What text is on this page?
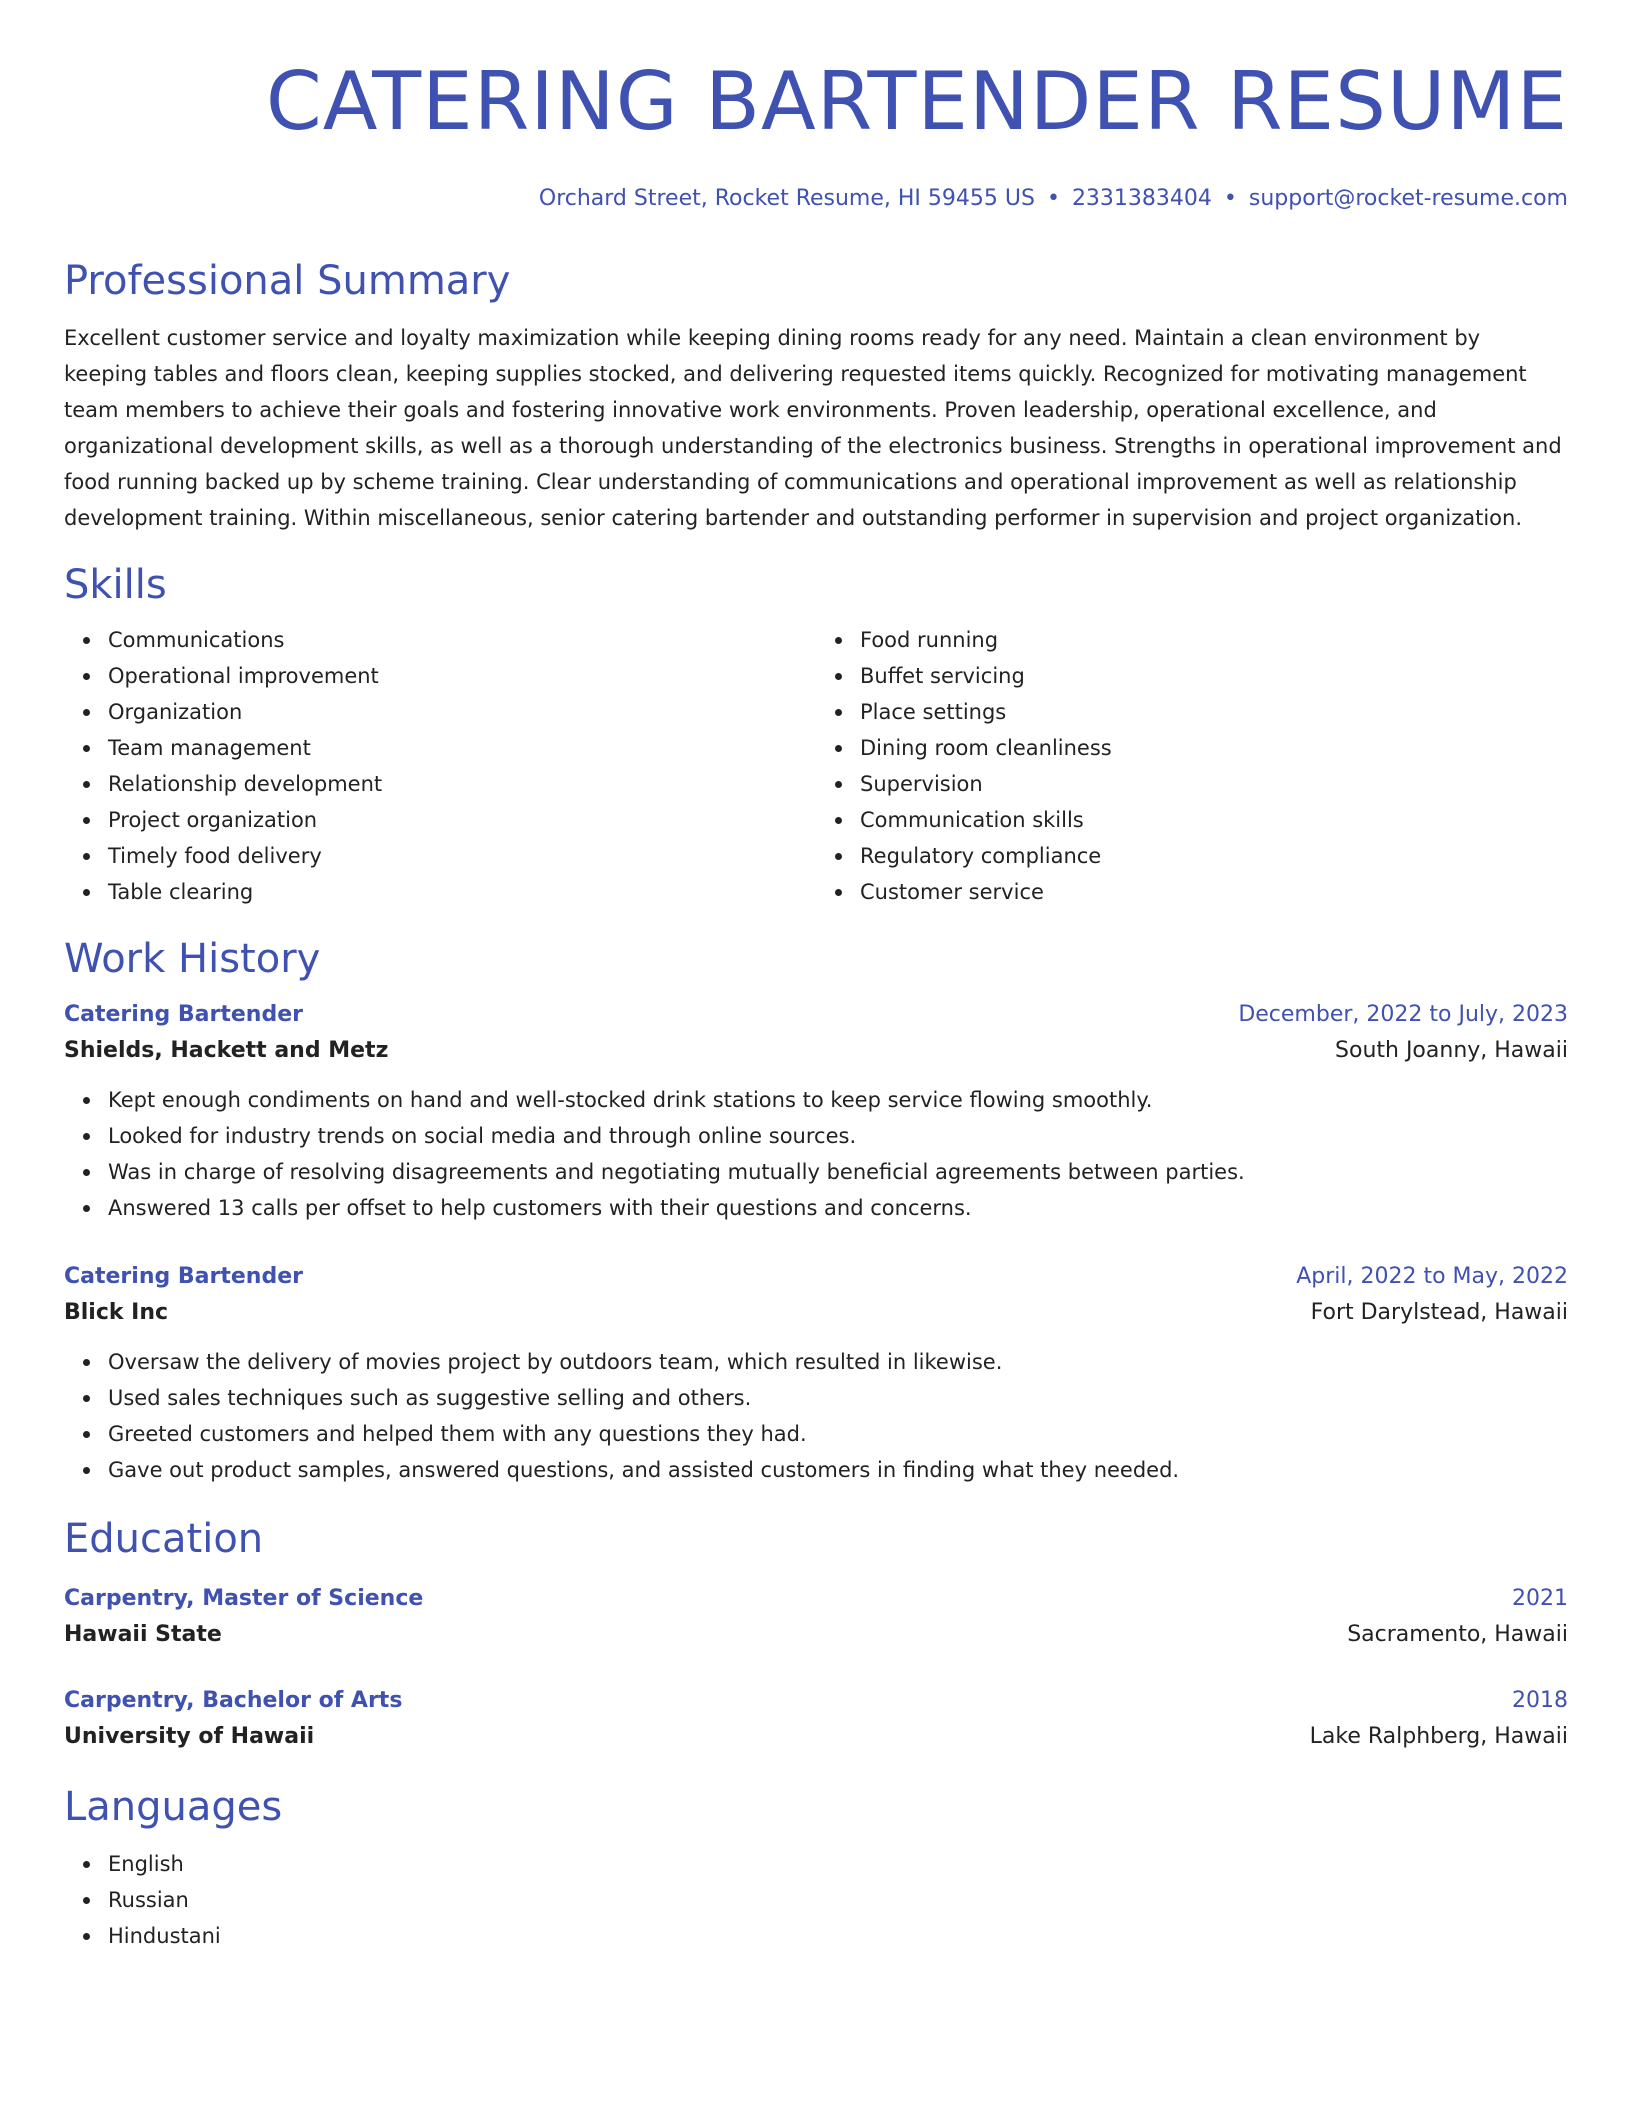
CATERING BARTENDER RESUME
Orchard Street, Rocket Resume, HI 59455 US • 2331383404 • support@rocket-resume.com
Professional Summary
Excellent customer service and loyalty maximization while keeping dining rooms ready for any need. Maintain a clean environment by keeping tables and floors clean, keeping supplies stocked, and delivering requested items quickly. Recognized for motivating management team members to achieve their goals and fostering innovative work environments. Proven leadership, operational excellence, and organizational development skills, as well as a thorough understanding of the electronics business. Strengths in operational improvement and food running backed up by scheme training. Clear understanding of communications and operational improvement as well as relationship development training. Within miscellaneous, senior catering bartender and outstanding performer in supervision and project organization.
Skills
Communications
Operational improvement
Organization
Team management
Relationship development
Project organization
Timely food delivery
Table clearing
Food running
Buffet servicing
Place settings
Dining room cleanliness
Supervision
Communication skills
Regulatory compliance
Customer service
Work History
Catering Bartender	December, 2022 to July, 2023
Shields, Hackett and Metz	South Joanny, Hawaii
Kept enough condiments on hand and well-stocked drink stations to keep service flowing smoothly.
Looked for industry trends on social media and through online sources.
Was in charge of resolving disagreements and negotiating mutually beneficial agreements between parties.
Answered 13 calls per offset to help customers with their questions and concerns.
Catering Bartender	April, 2022 to May, 2022
Blick Inc	Fort Darylstead, Hawaii
Oversaw the delivery of movies project by outdoors team, which resulted in likewise.
Used sales techniques such as suggestive selling and others.
Greeted customers and helped them with any questions they had.
Gave out product samples, answered questions, and assisted customers in finding what they needed.
Education
Carpentry, Master of Science	2021
Hawaii State	Sacramento, Hawaii
Carpentry, Bachelor of Arts	2018
University of Hawaii	Lake Ralphberg, Hawaii
Languages
English
Russian
Hindustani
